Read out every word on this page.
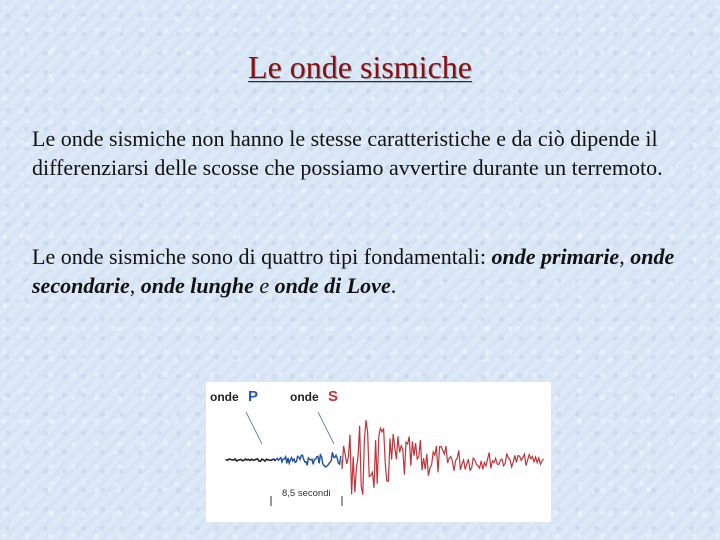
Le onde sismiche

Le onde sismiche non hanno le stesse caratteristiche e da ciò dipende il differenziarsi delle scosse che possiamo avvertire durante un terremoto.

Le onde sismiche sono di quattro tipi fondamentali: onde primarie, onde secondarie, onde lunghe e onde di Love.

onde P	onde S
8,5 secondi
